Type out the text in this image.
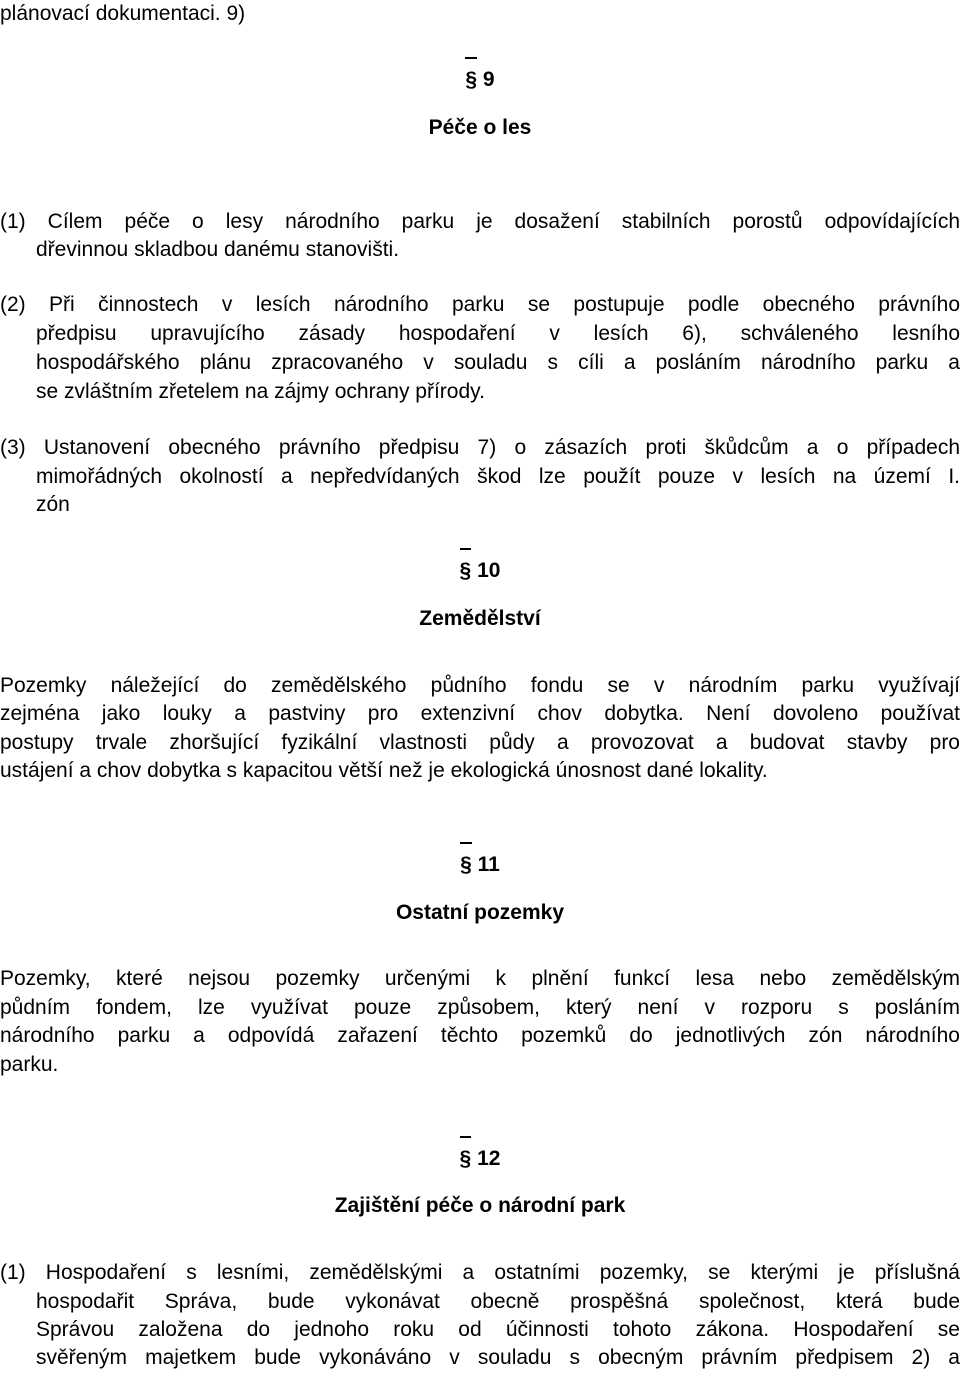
plánovací dokumentaci. 9)
§ 9
Péče o les
(1) Cílem péče o lesy národního parku je dosažení stabilních porostů odpovídajících
dřevinnou skladbou danému stanovišti.
(2) Při činnostech v lesích národního parku se postupuje podle obecného právního
předpisu upravujícího zásady hospodaření v lesích 6), schváleného lesního
hospodářského plánu zpracovaného v souladu s cíli a posláním národního parku a
se zvláštním zřetelem na zájmy ochrany přírody.
(3) Ustanovení obecného právního předpisu 7) o zásazích proti škůdcům a o případech
mimořádných okolností a nepředvídaných škod lze použít pouze v lesích na území I.
zón
§ 10
Zemědělství
Pozemky náležející do zemědělského půdního fondu se v národním parku využívají
zejména jako louky a pastviny pro extenzivní chov dobytka. Není dovoleno používat
postupy trvale zhoršující fyzikální vlastnosti půdy a provozovat a budovat stavby pro
ustájení a chov dobytka s kapacitou větší než je ekologická únosnost dané lokality.
§ 11
Ostatní pozemky
Pozemky, které nejsou pozemky určenými k plnění funkcí lesa nebo zemědělským
půdním fondem, lze využívat pouze způsobem, který není v rozporu s posláním
národního parku a odpovídá zařazení těchto pozemků do jednotlivých zón národního
parku.
§ 12
Zajištění péče o národní park
(1) Hospodaření s lesními, zemědělskými a ostatními pozemky, se kterými je příslušná
hospodařit Správa, bude vykonávat obecně prospěšná společnost, která bude
Správou založena do jednoho roku od účinnosti tohoto zákona. Hospodaření se
svěřeným majetkem bude vykonáváno v souladu s obecným právním předpisem 2) a
